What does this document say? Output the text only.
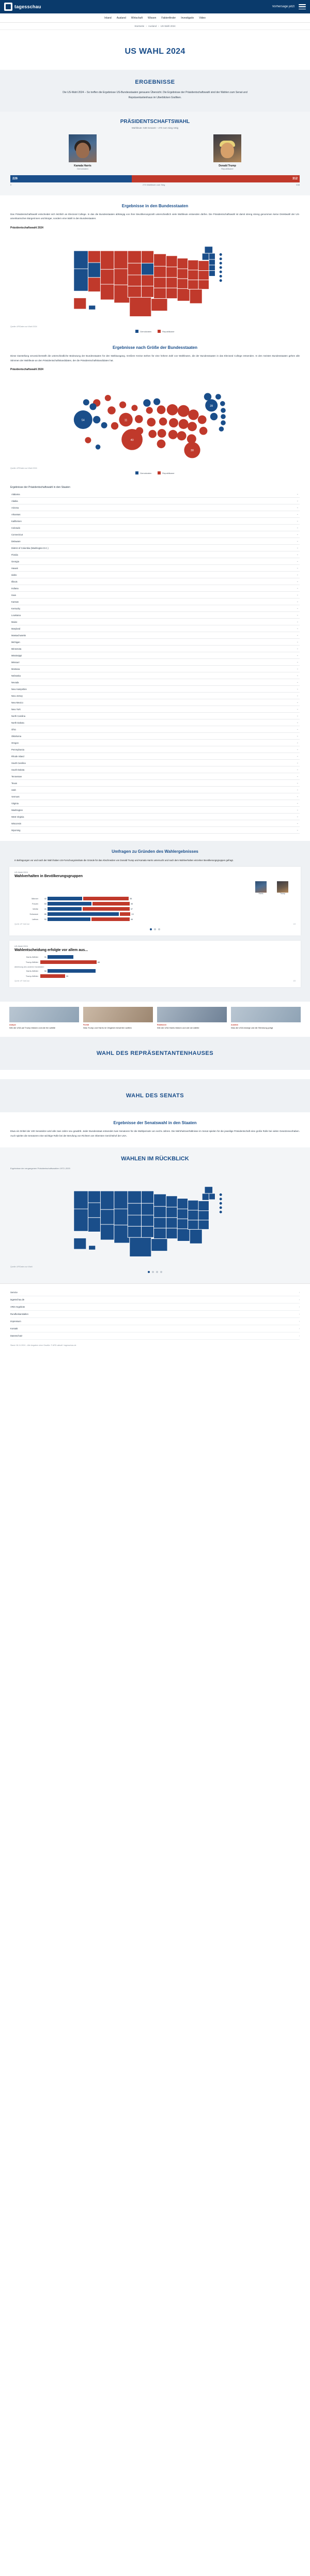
tagesschau	Vorhersage jetzt
Inland Ausland Wirtschaft Wissen Faktenfinder Investigativ Video
Startseite › Ausland › US-Wahl 2024
US WAHL 2024
ERGEBNISSE

Die US-Wahl 2024 – So treffen die Ergebnisse US-Bundesstaaten genauere Übersicht. Die Ergebnisse der Präsidentschaftswahl sind der Wahlen zum Senat und Repräsentantenhaus im Uberblicken Grafiken.

PRÄSIDENTSCHAFTSWAHL
Wahlleute: 538 Gesamt – 270 zum Sieg nötig
Kamala Harris
Demokraten
Donald Trump
Republikaner
226	312
0	270 Wahlleute zum Sieg	538
Ergebnisse in den Bundesstaaten

Das Präsidentschaftswahl entscheidet sich letztlich an Electoral College. In das die Bundesstaaten abhängig von ihrer Bevölkerungszahl unterschiedlich viele Wahlleute entsenden dürfen. Die Präsidentschaftswahl ist damit streng streng genommen keine Direktwahl der US-amerikanischen Bürgerinnen und Bürger, sondern eine Wahl in den Bundesstaaten.

Präsidentschaftswahl 2024
Quelle: AP/Daten zur Wahl 2024
Demokraten	Republikaner
Ergebnisse nach Größe der Bundesstaaten

Diese Darstellung verunsicherstellt die unterschiedliche Bedeutung der Bundesstaaten für den Wahlausgang. Größere Kreise stehen für eine höhere Zahl von Wahlleuten, die der Bundesstaaten in das Electoral College entsenden. In den meisten Bundesstaaten gehen alle Stimmen der Wahlleute an den Präsidentschaftskandidaten, der die Präsidentschaftskandidaten hat.

Präsidentschaftswahl 2024
54
40
30
28
11
Quelle: AP/Daten zur Wahl 2024
Demokraten	Republikaner
Ergebnisse der Präsidentschaftswahl in den Staaten
Alabama	⌄
Alaska	⌄
Arizona	⌄
Arkansas	⌄
Kalifornien	⌄
Colorado	⌄
Connecticut	⌄
Delaware	⌄
District of Columbia (Washington D.C.)	⌄
Florida	⌄
Georgia	⌄
Hawaii	⌄
Idaho	⌄
Illinois	⌄
Indiana	⌄
Iowa	⌄
Kansas	⌄
Kentucky	⌄
Louisiana	⌄
Maine	⌄
Maryland	⌄
Massachusetts	⌄
Michigan	⌄
Minnesota	⌄
Mississippi	⌄
Missouri	⌄
Montana	⌄
Nebraska	⌄
Nevada	⌄
New Hampshire	⌄
New Jersey	⌄
New Mexico	⌄
New York	⌄
North Carolina	⌄
North Dakota	⌄
Ohio	⌄
Oklahoma	⌄
Oregon	⌄
Pennsylvania	⌄
Rhode Island	⌄
South Carolina	⌄
South Dakota	⌄
Tennessee	⌄
Texas	⌄
Utah	⌄
Vermont	⌄
Virginia	⌄
Washington	⌄
West Virginia	⌄
Wisconsin	⌄
Wyoming	⌄
Umfragen zu Gründen des Wahlergebnisses

In Befragungen vor und nach der Wahl haben US-Forschungsinstitute die Gründe für das Abschneiden von Donald Trump und Kamala Harris untersucht und nach dem Wahlverhalten einzelner Bevölkerungsgruppen gefragt.

US-Wahl 2024
Wahlverhalten in Bevölkerungsgruppen
Harris	Trump
Männer	42	55
Frauen	53	45
Weiße	41	57
Schwarze	86	13
Latinos	52	46
Quelle: AP VoteCast	1/3
US-Wahl 2024
Wahlentscheidung erfolgte vor allem aus...
Harris-Wähler	31
Trump-Wähler	68
Ablehnung des anderen Kandidaten
Harris-Wähler	58
Trump-Wähler	30
Quelle: AP VoteCast	2/3
Analyse
Wie die USA auf Trump blicken und wie ihn wählte
Porträt
Was Trump und Harris im Vergleich bewerten wollten
Reaktionen
Wie die USA Harris blicken und wie sie wählte
Ausblick
Was die USA bewegt und die Stimmung prägt
WAHL DES REPRÄSENTANTENHAUSES
WAHL DES SENATS
Ergebnisse der Senatswahl in den Staaten

Etwa ein Drittel der 100 Senatsitze wird alle zwei Jahre neu gewählt. Jeder Bundesstaat entsendet zwei Senatoren für die Wahlperiode von sechs Jahren. Die Mehrheitsverhältnisse im Senat spielen für die jeweilige Präsidentschaft eine große Rolle bei vielen Gesetzesvorhaben. Auch spielen die Senatoren eine wichtige Rolle bei der Berufung von Richtern am Obersten Gerichtshof der USA.

WAHLEN IM RÜCKBLICK
Ergebnisse der vergangenen Präsidentschaftswahlen 1972–2020
Quelle: AP/Daten zur Wahl
Service	›
tagesschau.de	›
ARD-Angebote	›
Rundfunkanstalten	›
Impressum	›
Kontakt	›
Datenschutz	›
Stand: 06.11.2024 – Alle Angaben ohne Gewähr. © ARD-aktuell / tagesschau.de
